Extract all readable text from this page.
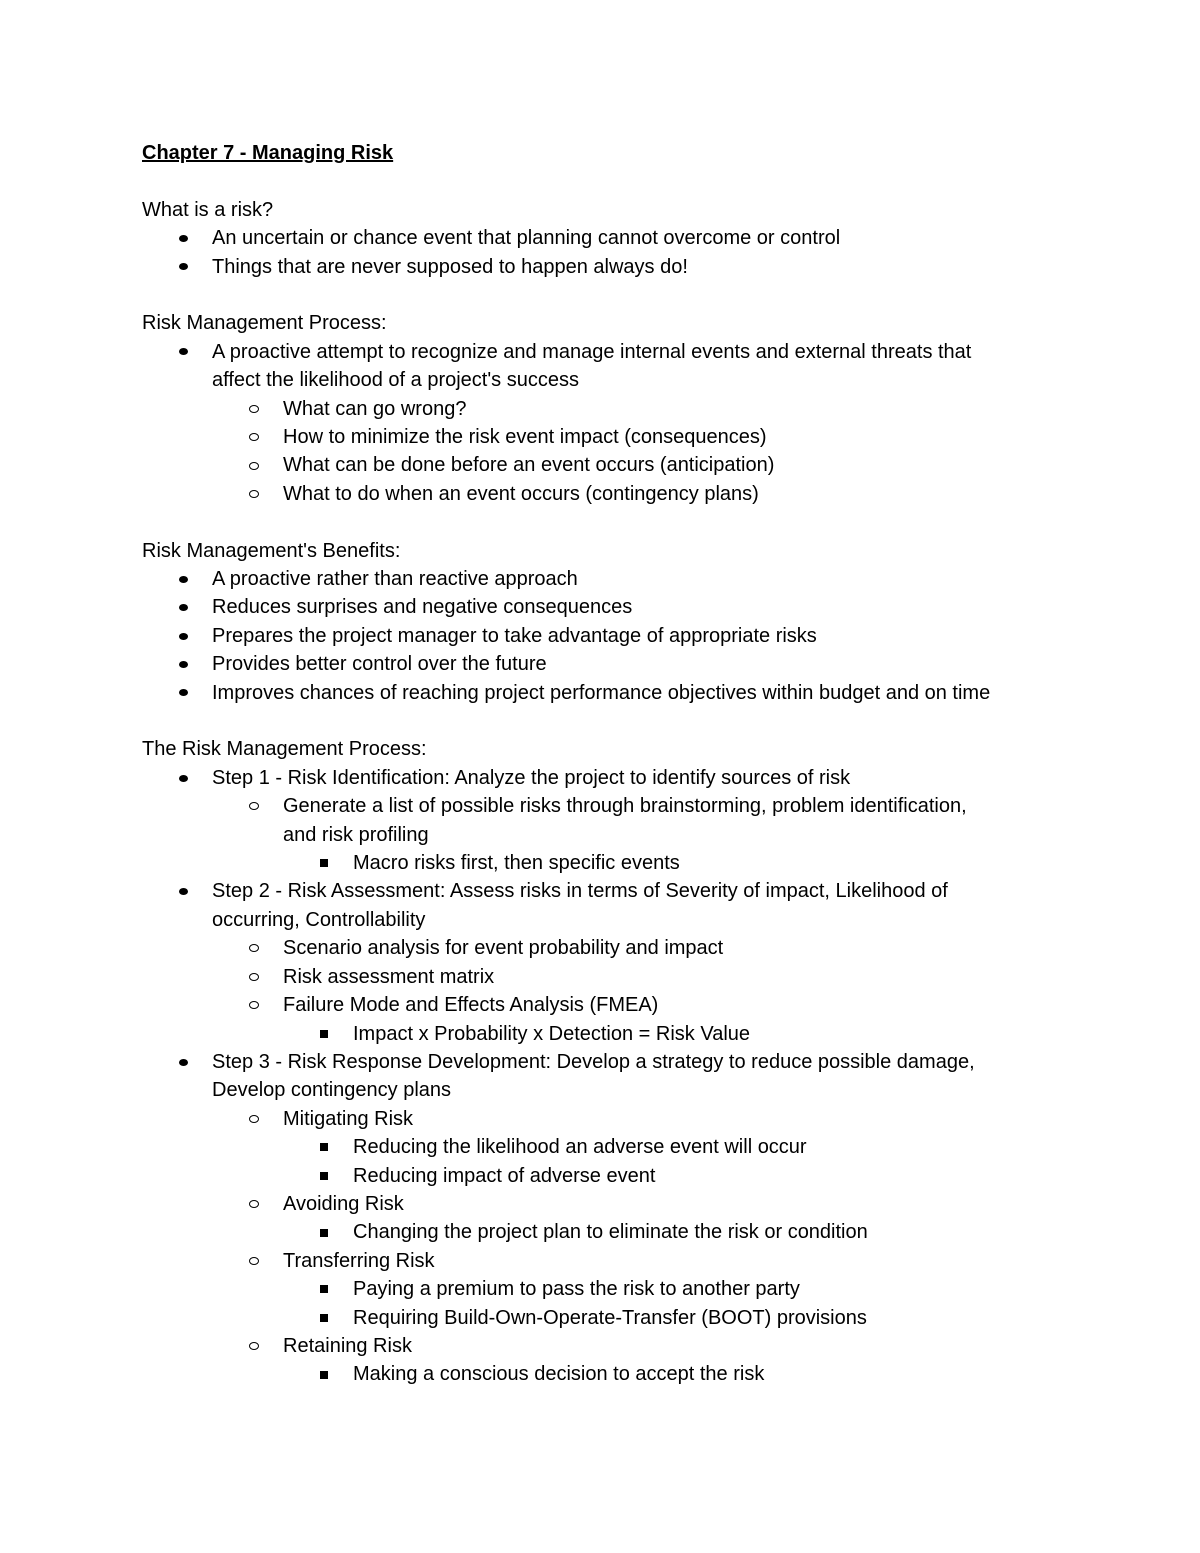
Chapter 7 - Managing Risk
What is a risk?
An uncertain or chance event that planning cannot overcome or control
Things that are never supposed to happen always do!
Risk Management Process:
A proactive attempt to recognize and manage internal events and external threats that
affect the likelihood of a project's success
What can go wrong?
How to minimize the risk event impact (consequences)
What can be done before an event occurs (anticipation)
What to do when an event occurs (contingency plans)
Risk Management's Benefits:
A proactive rather than reactive approach
Reduces surprises and negative consequences
Prepares the project manager to take advantage of appropriate risks
Provides better control over the future
Improves chances of reaching project performance objectives within budget and on time
The Risk Management Process:
Step 1 - Risk Identification: Analyze the project to identify sources of risk
Generate a list of possible risks through brainstorming, problem identification,
and risk profiling
Macro risks first, then specific events
Step 2 - Risk Assessment: Assess risks in terms of Severity of impact, Likelihood of
occurring, Controllability
Scenario analysis for event probability and impact
Risk assessment matrix
Failure Mode and Effects Analysis (FMEA)
Impact x Probability x Detection = Risk Value
Step 3 - Risk Response Development: Develop a strategy to reduce possible damage,
Develop contingency plans
Mitigating Risk
Reducing the likelihood an adverse event will occur
Reducing impact of adverse event
Avoiding Risk
Changing the project plan to eliminate the risk or condition
Transferring Risk
Paying a premium to pass the risk to another party
Requiring Build-Own-Operate-Transfer (BOOT) provisions
Retaining Risk
Making a conscious decision to accept the risk
